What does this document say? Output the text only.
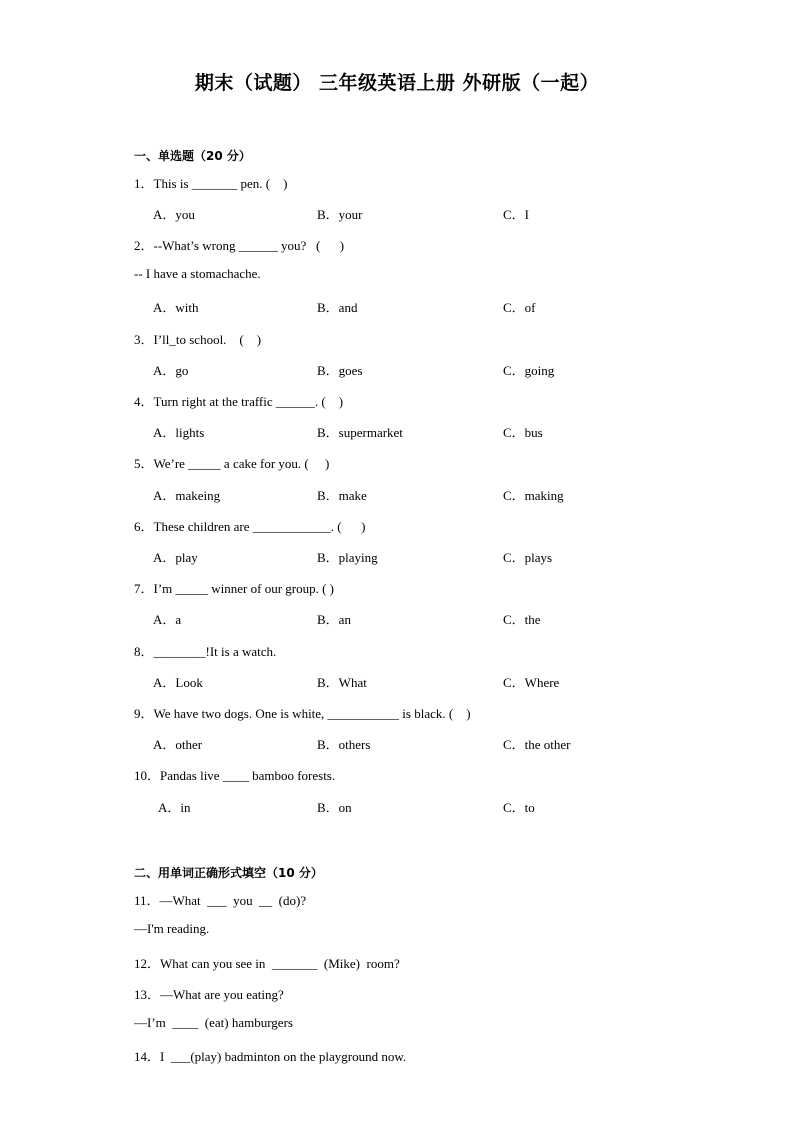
期末（试题） 三年级英语上册 外研版（一起）
一、单选题（20 分）
1．This is _______ pen. (    )
A．you	B．your	C．I
2．--What’s wrong ______ you?   (      )
-- I have a stomachache.
A．with	B．and	C．of
3．I’ll_to school.    (    )
A．go	B．goes	C．going
4．Turn right at the traffic ______. (    )
A．lights	B．supermarket	C．bus
5．We’re _____ a cake for you. (     )
A．makeing	B．make	C．making
6．These children are ____________. (      )
A．play	B．playing	C．plays
7．I’m _____ winner of our group. ( )
A．a	B．an	C．the
8．________!It is a watch.
A．Look	B．What	C．Where
9．We have two dogs. One is white, ___________ is black. (    )
A．other	B．others	C．the other
10．Pandas live ____ bamboo forests.
A．in	B．on	C．to
二、用单词正确形式填空（10 分）
11．—What  ___  you  __  (do)?
—I'm reading.
12．What can you see in  _______  (Mike)  room?
13．—What are you eating?
—I’m  ____  (eat) hamburgers
14．I  ___(play) badminton on the playground now.
